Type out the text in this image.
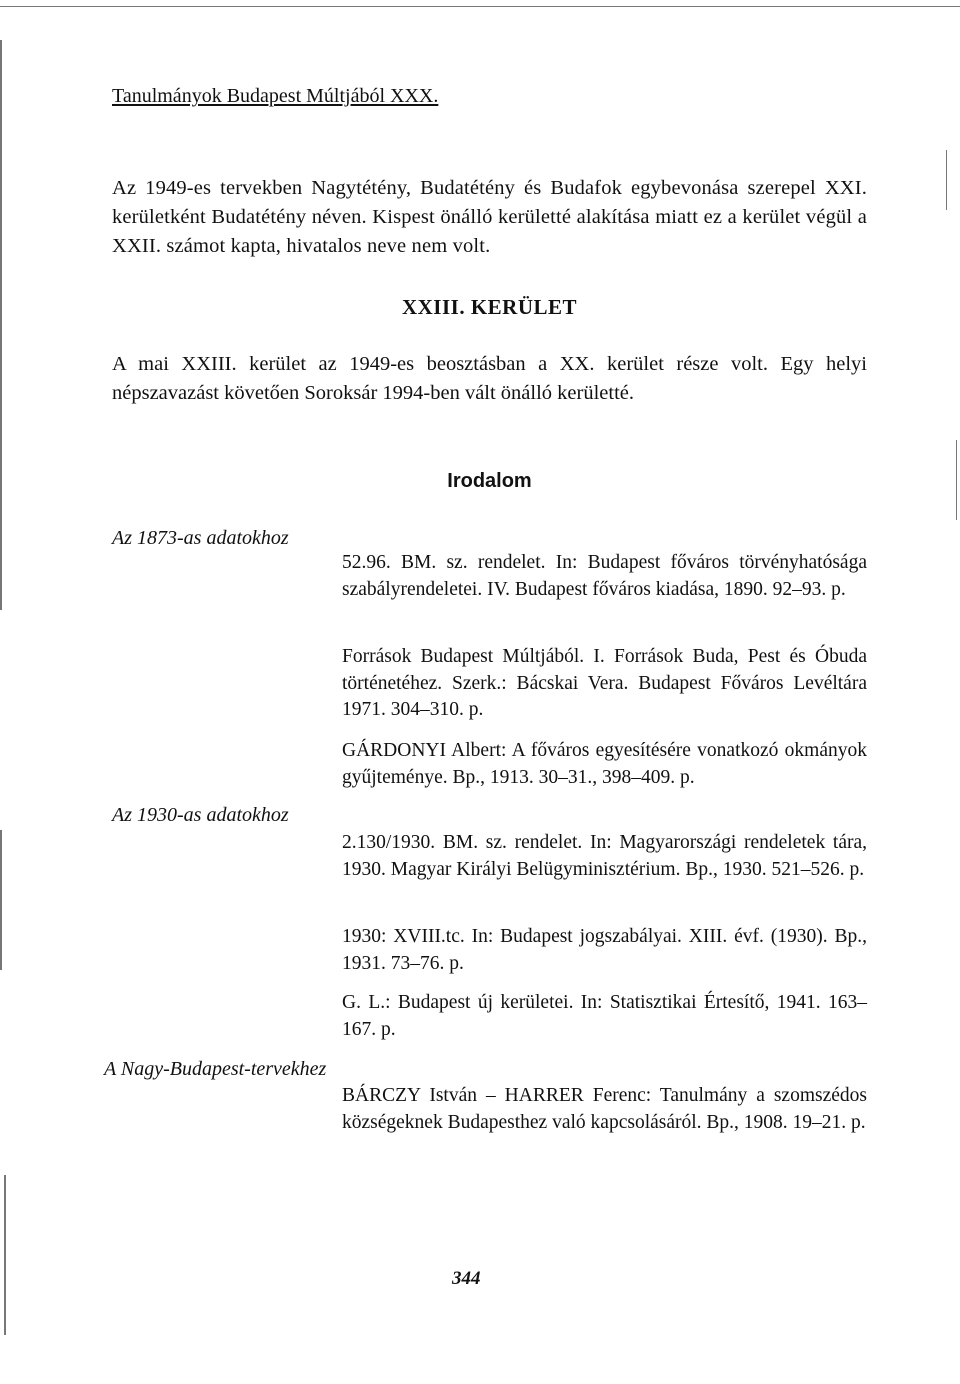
Tanulmányok Budapest Múltjából XXX.
Az 1949-es tervekben Nagytétény, Budatétény és Budafok egybevonása szerepel XXI. kerületként Budatétény néven. Kispest önálló kerületté alakítása miatt ez a kerület végül a XXII. számot kapta, hivatalos neve nem volt.
XXIII. KERÜLET
A mai XXIII. kerület az 1949-es beosztásban a XX. kerület része volt. Egy helyi népszavazást követően Soroksár 1994-ben vált önálló kerületté.
Irodalom
Az 1873-as adatokhoz
Az 1930-as adatokhoz
A Nagy-Budapest-tervekhez
52.96. BM. sz. rendelet. In: Budapest főváros törvényhatósága szabályrendeletei. IV. Budapest főváros kiadása, 1890. 92–93. p.
Források Budapest Múltjából. I. Források Buda, Pest és Óbuda történetéhez. Szerk.: Bácskai Vera. Budapest Főváros Levéltára 1971. 304–310. p.
GÁRDONYI Albert: A főváros egyesítésére vonatkozó okmányok gyűjteménye. Bp., 1913. 30–31., 398–409. p.
2.130/1930. BM. sz. rendelet. In: Magyarországi rendeletek tára, 1930. Magyar Királyi Belügyminisztérium. Bp., 1930. 521–526. p.
1930: XVIII.tc. In: Budapest jogszabályai. XIII. évf. (1930). Bp., 1931. 73–76. p.
G. L.: Budapest új kerületei. In: Statisztikai Értesítő, 1941. 163–167. p.
BÁRCZY István – HARRER Ferenc: Tanulmány a szomszédos községeknek Budapesthez való kapcsolásáról. Bp., 1908. 19–21. p.
344
